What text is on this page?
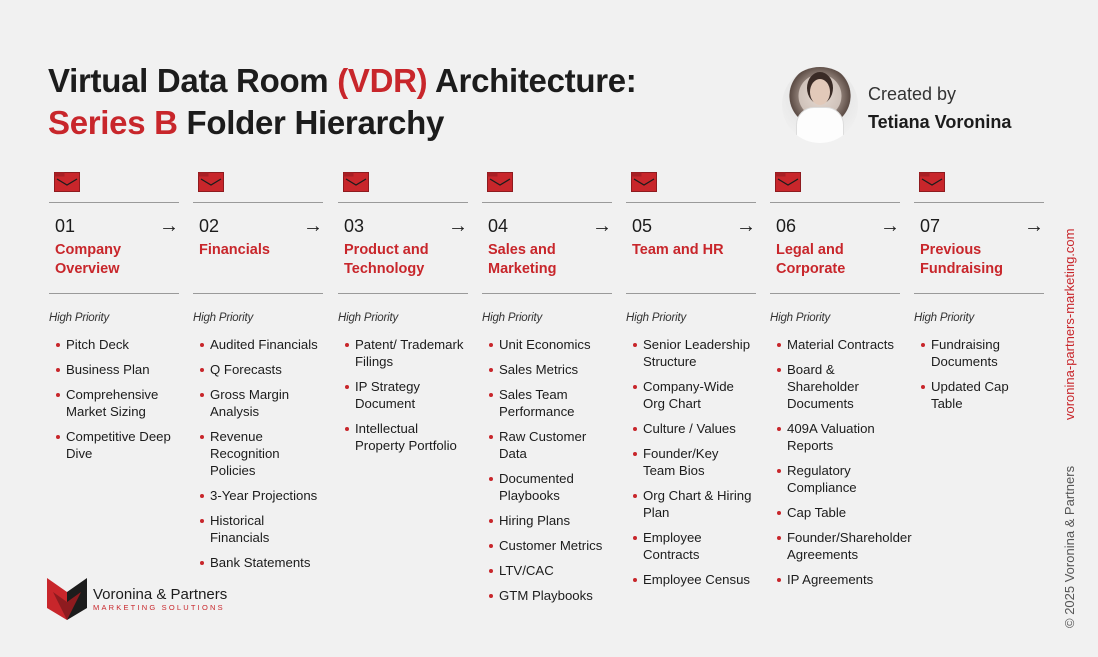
Virtual Data Room (VDR) Architecture:
Series B Folder Hierarchy
Created by
Tetiana Voronina
01	→
Company Overview
High Priority
Pitch Deck
Business Plan
Comprehensive Market Sizing
Competitive Deep Dive
02	→
Financials
High Priority
Audited Financials
Q Forecasts
Gross Margin Analysis
Revenue Recognition Policies
3-Year Projections
Historical Financials
Bank Statements
03	→
Product and Technology
High Priority
Patent/ Trademark Filings
IP Strategy Document
Intellectual Property Portfolio
04	→
Sales and Marketing
High Priority
Unit Economics
Sales Metrics
Sales Team Performance
Raw Customer Data
Documented Playbooks
Hiring Plans
Customer Metrics
LTV/CAC
GTM Playbooks
05	→
Team and HR
High Priority
Senior Leadership Structure
Company-Wide Org Chart
Culture / Values
Founder/Key Team Bios
Org Chart & Hiring Plan
Employee Contracts
Employee Census
06	→
Legal and Corporate
High Priority
Material Contracts
Board & Shareholder Documents
409A Valuation Reports
Regulatory Compliance
Cap Table
Founder/Shareholder Agreements
IP Agreements
07	→
Previous Fundraising
High Priority
Fundraising Documents
Updated Cap Table
Voronina & Partners
MARKETING SOLUTIONS
voronina-partners-marketing.com
© 2025 Voronina & Partners
